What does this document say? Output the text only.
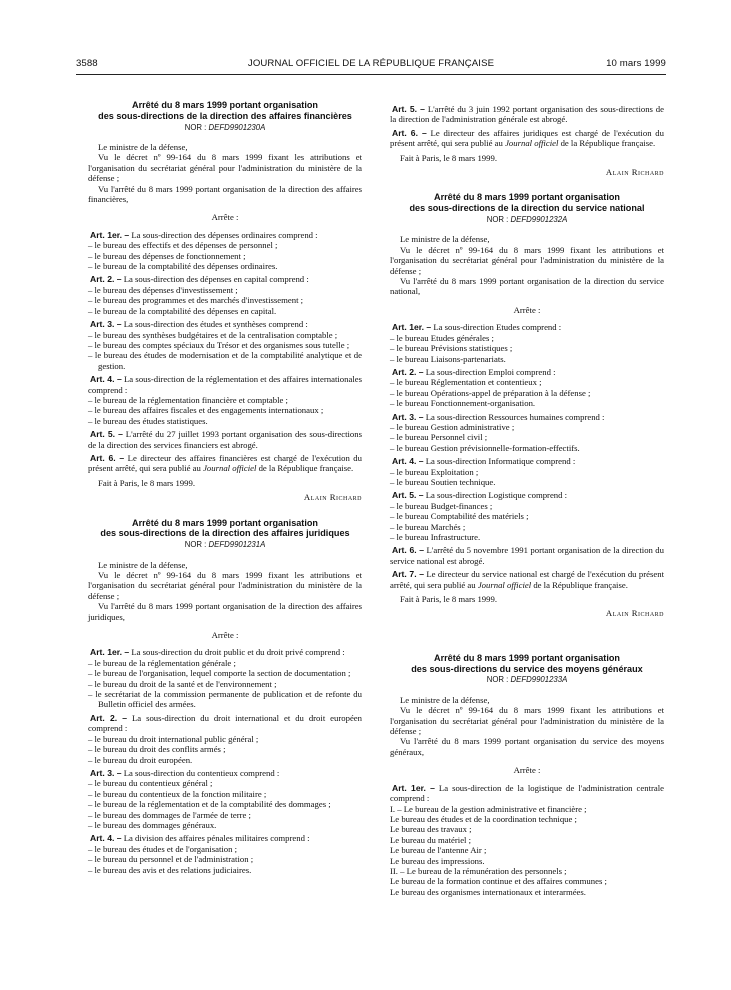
3588	JOURNAL OFFICIEL DE LA RÉPUBLIQUE FRANÇAISE	10 mars 1999
Arrêté du 8 mars 1999 portant organisation
des sous-directions de la direction des affaires financières
NOR : DEFD9901230A

Le ministre de la défense,

Vu le décret nº 99-164 du 8 mars 1999 fixant les attributions et l'organisation du secrétariat général pour l'administration du ministère de la défense ;

Vu l'arrêté du 8 mars 1999 portant organisation de la direction des affaires financières,

Arrête :

Art. 1er. – La sous-direction des dépenses ordinaires comprend :

– le bureau des effectifs et des dépenses de personnel ;
– le bureau des dépenses de fonctionnement ;
– le bureau de la comptabilité des dépenses ordinaires.

Art. 2. – La sous-direction des dépenses en capital comprend :

– le bureau des dépenses d'investissement ;
– le bureau des programmes et des marchés d'investissement ;
– le bureau de la comptabilité des dépenses en capital.

Art. 3. – La sous-direction des études et synthèses comprend :

– le bureau des synthèses budgétaires et de la centralisation comptable ;
– le bureau des comptes spéciaux du Trésor et des organismes sous tutelle ;
– le bureau des études de modernisation et de la comptabilité analytique et de gestion.

Art. 4. – La sous-direction de la réglementation et des affaires internationales comprend :

– le bureau de la réglementation financière et comptable ;
– le bureau des affaires fiscales et des engagements internationaux ;
– le bureau des études statistiques.

Art. 5. – L'arrêté du 27 juillet 1993 portant organisation des sous-directions de la direction des services financiers est abrogé.

Art. 6. – Le directeur des affaires financières est chargé de l'exécution du présent arrêté, qui sera publié au Journal officiel de la République française.

Fait à Paris, le 8 mars 1999.

Alain Richard

Arrêté du 8 mars 1999 portant organisation
des sous-directions de la direction des affaires juridiques
NOR : DEFD9901231A

Le ministre de la défense,

Vu le décret nº 99-164 du 8 mars 1999 fixant les attributions et l'organisation du secrétariat général pour l'administration du ministère de la défense ;

Vu l'arrêté du 8 mars 1999 portant organisation de la direction des affaires juridiques,

Arrête :

Art. 1er. – La sous-direction du droit public et du droit privé comprend :

– le bureau de la réglementation générale ;
– le bureau de l'organisation, lequel comporte la section de documentation ;
– le bureau du droit de la santé et de l'environnement ;
– le secrétariat de la commission permanente de publication et de refonte du Bulletin officiel des armées.

Art. 2. – La sous-direction du droit international et du droit européen comprend :

– le bureau du droit international public général ;
– le bureau du droit des conflits armés ;
– le bureau du droit européen.

Art. 3. – La sous-direction du contentieux comprend :

– le bureau du contentieux général ;
– le bureau du contentieux de la fonction militaire ;
– le bureau de la réglementation et de la comptabilité des dommages ;
– le bureau des dommages de l'armée de terre ;
– le bureau des dommages généraux.

Art. 4. – La division des affaires pénales militaires comprend :

– le bureau des études et de l'organisation ;
– le bureau du personnel et de l'administration ;
– le bureau des avis et des relations judiciaires.

Art. 5. – L'arrêté du 3 juin 1992 portant organisation des sous-directions de la direction de l'administration générale est abrogé.

Art. 6. – Le directeur des affaires juridiques est chargé de l'exécution du présent arrêté, qui sera publié au Journal officiel de la République française.

Fait à Paris, le 8 mars 1999.

Alain Richard

Arrêté du 8 mars 1999 portant organisation
des sous-directions de la direction du service national
NOR : DEFD9901232A

Le ministre de la défense,

Vu le décret nº 99-164 du 8 mars 1999 fixant les attributions et l'organisation du secrétariat général pour l'administration du ministère de la défense ;

Vu l'arrêté du 8 mars 1999 portant organisation de la direction du service national,

Arrête :

Art. 1er. – La sous-direction Etudes comprend :

– le bureau Etudes générales ;
– le bureau Prévisions statistiques ;
– le bureau Liaisons-partenariats.

Art. 2. – La sous-direction Emploi comprend :

– le bureau Réglementation et contentieux ;
– le bureau Opérations-appel de préparation à la défense ;
– le bureau Fonctionnement-organisation.

Art. 3. – La sous-direction Ressources humaines comprend :

– le bureau Gestion administrative ;
– le bureau Personnel civil ;
– le bureau Gestion prévisionnelle-formation-effectifs.

Art. 4. – La sous-direction Informatique comprend :

– le bureau Exploitation ;
– le bureau Soutien technique.

Art. 5. – La sous-direction Logistique comprend :

– le bureau Budget-finances ;
– le bureau Comptabilité des matériels ;
– le bureau Marchés ;
– le bureau Infrastructure.

Art. 6. – L'arrêté du 5 novembre 1991 portant organisation de la direction du service national est abrogé.

Art. 7. – Le directeur du service national est chargé de l'exécution du présent arrêté, qui sera publié au Journal officiel de la République française.

Fait à Paris, le 8 mars 1999.

Alain Richard

Arrêté du 8 mars 1999 portant organisation
des sous-directions du service des moyens généraux
NOR : DEFD9901233A

Le ministre de la défense,

Vu le décret nº 99-164 du 8 mars 1999 fixant les attributions et l'organisation du secrétariat général pour l'administration du ministère de la défense ;

Vu l'arrêté du 8 mars 1999 portant organisation du service des moyens généraux,

Arrête :

Art. 1er. – La sous-direction de la logistique de l'administration centrale comprend :

I. – Le bureau de la gestion administrative et financière ;
Le bureau des études et de la coordination technique ;
Le bureau des travaux ;
Le bureau du matériel ;
Le bureau de l'antenne Air ;
Le bureau des impressions.
II. – Le bureau de la rémunération des personnels ;
Le bureau de la formation continue et des affaires communes ;
Le bureau des organismes internationaux et interarmées.
